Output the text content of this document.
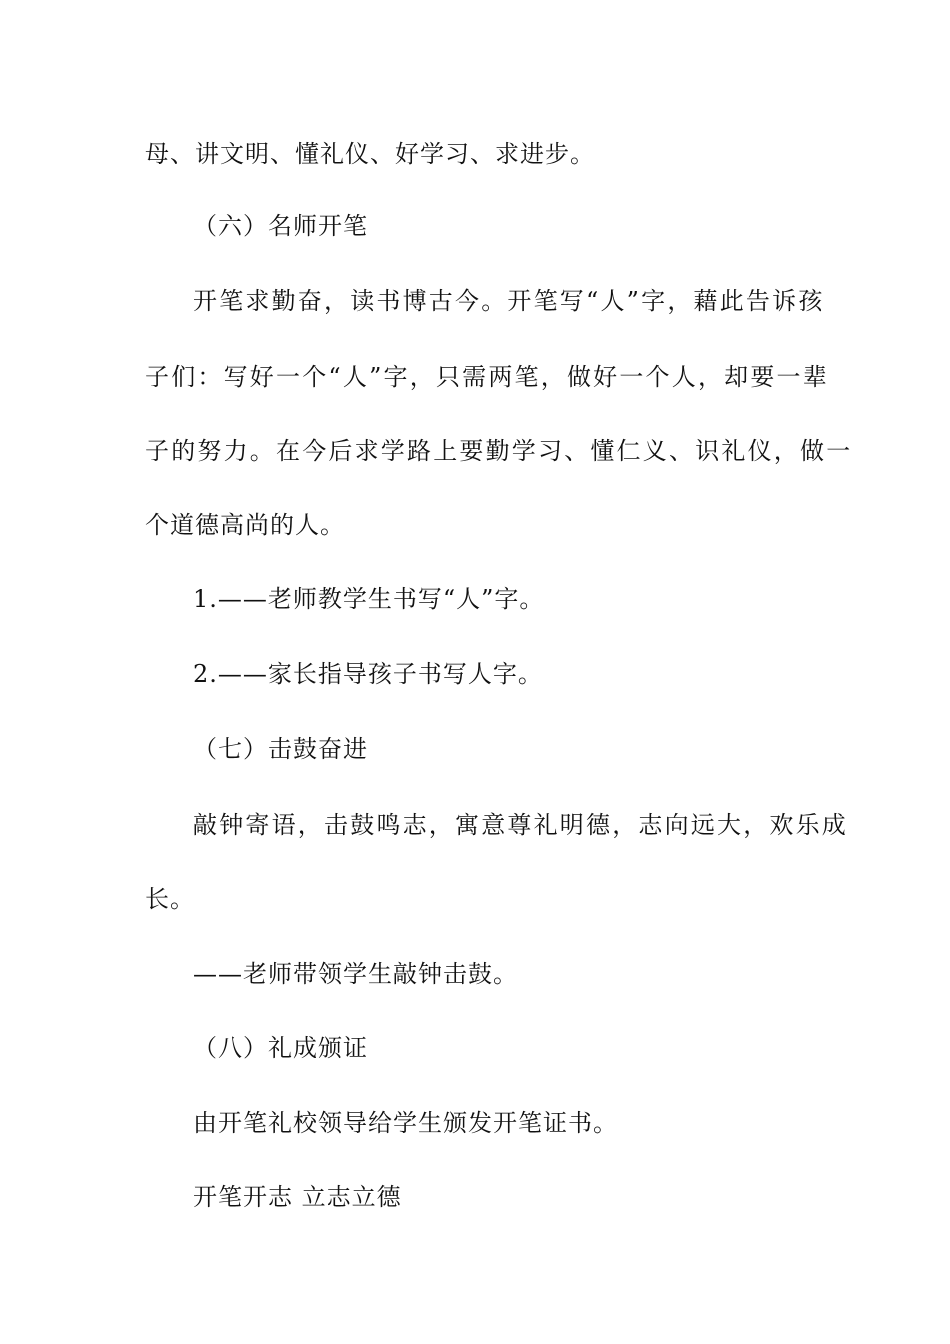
母、讲文明、懂礼仪、好学习、求进步。
（六）名师开笔
开笔求勤奋，读书博古今。开笔写“人”字，藉此告诉孩
子们：写好一个“人”字，只需两笔，做好一个人，却要一辈
子的努力。在今后求学路上要勤学习、懂仁义、识礼仪，做一
个道德高尚的人。
1.——老师教学生书写“人”字。
2.——家长指导孩子书写人字。
（七）击鼓奋进
敲钟寄语，击鼓鸣志，寓意尊礼明德，志向远大，欢乐成
长。
——老师带领学生敲钟击鼓。
（八）礼成颁证
由开笔礼校领导给学生颁发开笔证书。
开笔开志 立志立德
